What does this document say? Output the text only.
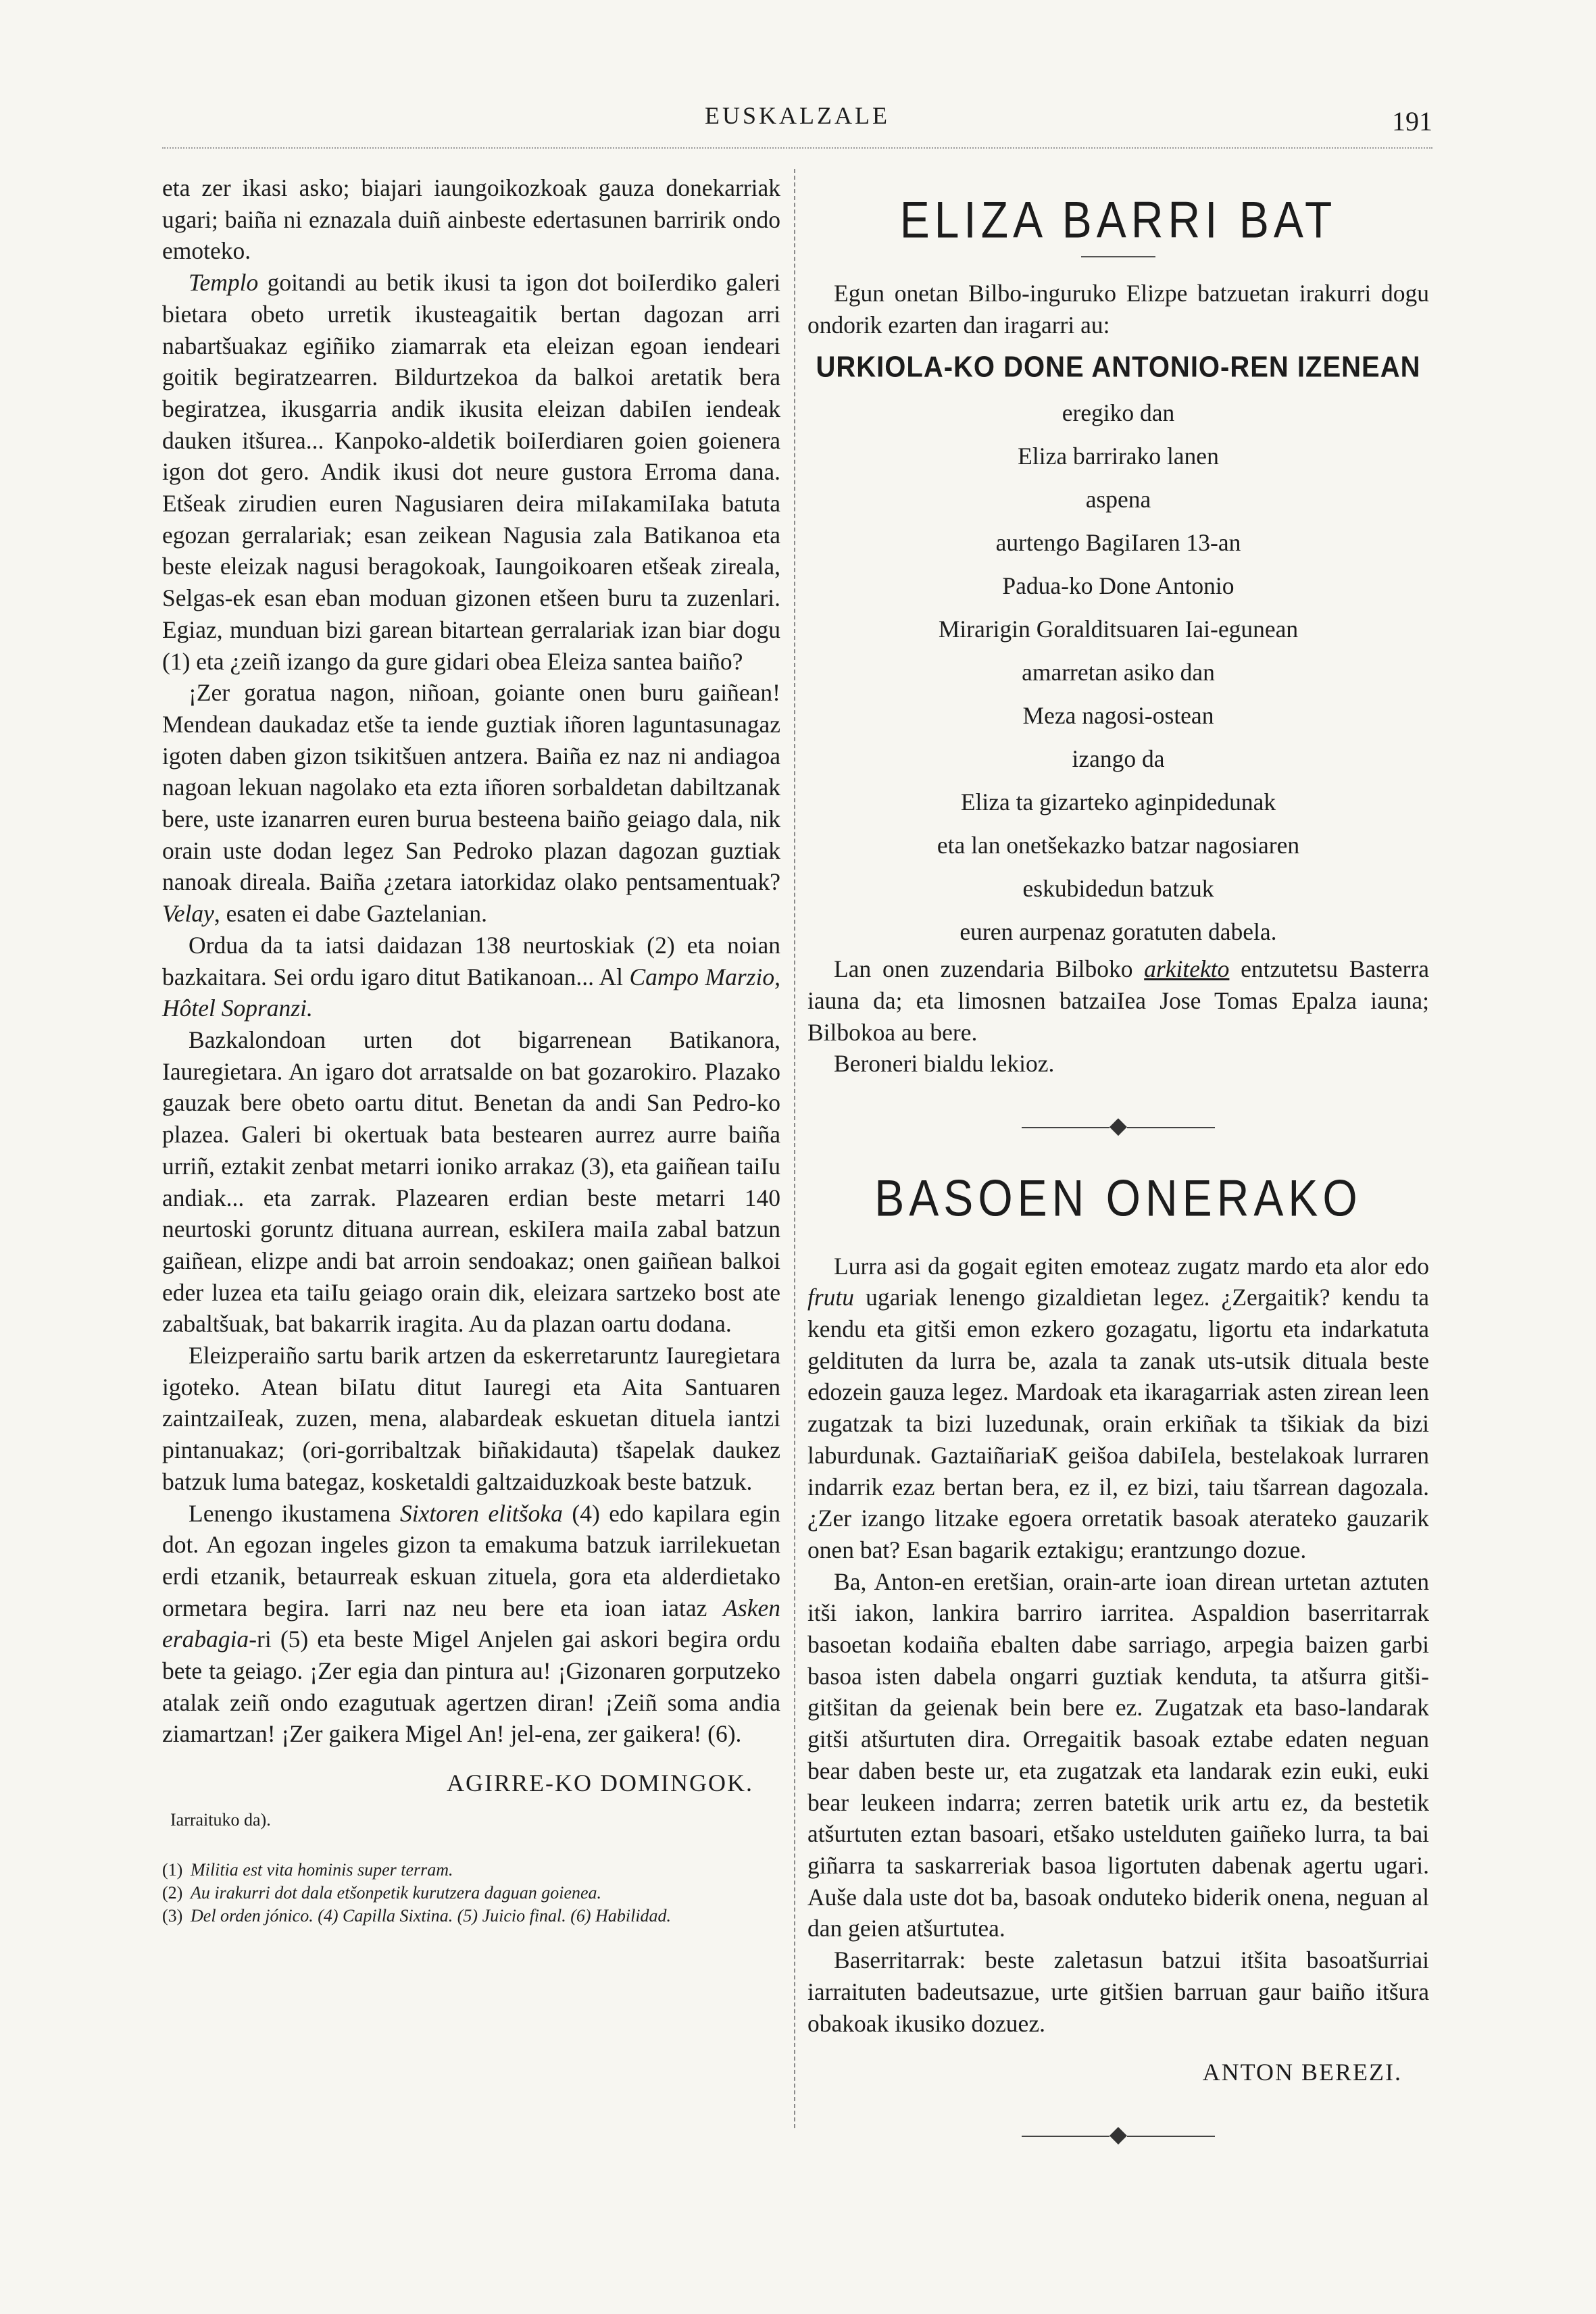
EUSKALZALE	191

eta zer ikasi asko; biajari iaungoikozkoak gauza donekarriak ugari; baiña ni eznazala duiñ ainbeste edertasunen barririk ondo emoteko.

Templo goitandi au betik ikusi ta igon dot boiIerdiko galeri bietara obeto urretik ikusteagaitik bertan dagozan arri nabartšuakaz egiñiko ziamarrak eta eleizan egoan iendeari goitik begiratzearren. Bildurtzekoa da balkoi aretatik bera begiratzea, ikusgarria andik ikusita eleizan dabiIen iendeak dauken itšurea... Kanpoko-aldetik boiIerdiaren goien goienera igon dot gero. Andik ikusi dot neure gustora Erroma dana. Etšeak zirudien euren Nagusiaren deira miIakamiIaka batuta egozan gerralariak; esan zeikean Nagusia zala Batikanoa eta beste eleizak nagusi beragokoak, Iaungoikoaren etšeak zireala, Selgas-ek esan eban moduan gizonen etšeen buru ta zuzenlari. Egiaz, munduan bizi garean bitartean gerralariak izan biar dogu (1) eta ¿zeiñ izango da gure gidari obea Eleiza santea baiño?

¡Zer goratua nagon, niñoan, goiante onen buru gaiñean! Mendean daukadaz etše ta iende guztiak iñoren laguntasunagaz igoten daben gizon tsikitšuen antzera. Baiña ez naz ni andiagoa nagoan lekuan nagolako eta ezta iñoren sorbaldetan dabiltzanak bere, uste izanarren euren burua besteena baiño geiago dala, nik orain uste dodan legez San Pedroko plazan dagozan guztiak nanoak direala. Baiña ¿zetara iatorkidaz olako pentsamentuak? Velay, esaten ei dabe Gaztelanian.

Ordua da ta iatsi daidazan 138 neurtoskiak (2) eta noian bazkaitara. Sei ordu igaro ditut Batikanoan... Al Campo Marzio, Hôtel Sopranzi.

Bazkalondoan urten dot bigarrenean Batikanora, Iauregietara. An igaro dot arratsalde on bat gozarokiro. Plazako gauzak bere obeto oartu ditut. Benetan da andi San Pedro-ko plazea. Galeri bi okertuak bata bestearen aurrez aurre baiña urriñ, eztakit zenbat metarri ioniko arrakaz (3), eta gaiñean taiIu andiak... eta zarrak. Plazearen erdian beste metarri 140 neurtoski goruntz dituana aurrean, eskiIera maiIa zabal batzun gaiñean, elizpe andi bat arroin sendoakaz; onen gaiñean balkoi eder luzea eta taiIu geiago orain dik, eleizara sartzeko bost ate zabaltšuak, bat bakarrik iragita. Au da plazan oartu dodana.

Eleizperaiño sartu barik artzen da eskerretaruntz Iauregietara igoteko. Atean biIatu ditut Iauregi eta Aita Santuaren zaintzaiIeak, zuzen, mena, alabardeak eskuetan dituela iantzi pintanuakaz; (ori-gorribaltzak biñakidauta) tšapelak daukez batzuk luma bategaz, kosketaldi galtzaiduzkoak beste batzuk.

Lenengo ikustamena Sixtoren elitšoka (4) edo kapilara egin dot. An egozan ingeles gizon ta emakuma batzuk iarrilekuetan erdi etzanik, betaurreak eskuan zituela, gora eta alderdietako ormetara begira. Iarri naz neu bere eta ioan iataz Asken erabagia-ri (5) eta beste Migel Anjelen gai askori begira ordu bete ta geiago. ¡Zer egia dan pintura au! ¡Gizonaren gorputzeko atalak zeiñ ondo ezagutuak agertzen diran! ¡Zeiñ soma andia ziamartzan! ¡Zer gaikera Migel An! jel-ena, zer gaikera! (6).

AGIRRE-KO DOMINGOK.
Iarraituko da).

(1) Militia est vita hominis super terram.

(2) Au irakurri dot dala etšonpetik kurutzera daguan goienea.

(3) Del orden jónico. (4) Capilla Sixtina. (5) Juicio final. (6) Habilidad.

ELIZA BARRI BAT

Egun onetan Bilbo-inguruko Elizpe batzuetan irakurri dogu ondorik ezarten dan iragarri au:

URKIOLA-KO DONE ANTONIO-REN IZENEAN

eregiko dan

Eliza barrirako lanen

aspena

aurtengo BagiIaren 13-an

Padua-ko Done Antonio

Mirarigin Goralditsuaren Iai-egunean

amarretan asiko dan

Meza nagosi-ostean

izango da

Eliza ta gizarteko aginpidedunak

eta lan onetšekazko batzar nagosiaren

eskubidedun batzuk

euren aurpenaz goratuten dabela.

Lan onen zuzendaria Bilboko arkitekto entzutetsu Basterra iauna da; eta limosnen batzaiIea Jose Tomas Epalza iauna; Bilbokoa au bere.

Beroneri bialdu lekioz.

◆
BASOEN ONERAKO

Lurra asi da gogait egiten emoteaz zugatz mardo eta alor edo frutu ugariak lenengo gizaldietan legez. ¿Zergaitik? kendu ta kendu eta gitši emon ezkero gozagatu, ligortu eta indarkatuta geldituten da lurra be, azala ta zanak uts-utsik dituala beste edozein gauza legez. Mardoak eta ikaragarriak asten zirean leen zugatzak ta bizi luzedunak, orain erkiñak ta tšikiak da bizi laburdunak. GaztaiñariaK geišoa dabiIela, bestelakoak lurraren indarrik ezaz bertan bera, ez il, ez bizi, taiu tšarrean dagozala. ¿Zer izango litzake egoera orretatik basoak aterateko gauzarik onen bat? Esan bagarik eztakigu; erantzungo dozue.

Ba, Anton-en eretšian, orain-arte ioan direan urtetan aztuten itši iakon, lankira barriro iarritea. Aspaldion baserritarrak basoetan kodaiña ebalten dabe sarriago, arpegia baizen garbi basoa isten dabela ongarri guztiak kenduta, ta atšurra gitši-gitšitan da geienak bein bere ez. Zugatzak eta baso-landarak gitši atšurtuten dira. Orregaitik basoak eztabe edaten neguan bear daben beste ur, eta zugatzak eta landarak ezin euki, euki bear leukeen indarra; zerren batetik urik artu ez, da bestetik atšurtuten eztan basoari, etšako ustelduten gaiñeko lurra, ta bai giñarra ta saskarreriak basoa ligortuten dabenak agertu ugari. Auše dala uste dot ba, basoak onduteko biderik onena, neguan al dan geien atšurtutea.

Baserritarrak: beste zaletasun batzui itšita basoatšurriai iarraituten badeutsazue, urte gitšien barruan gaur baiño itšura obakoak ikusiko dozuez.

ANTON BEREZI.
◆
